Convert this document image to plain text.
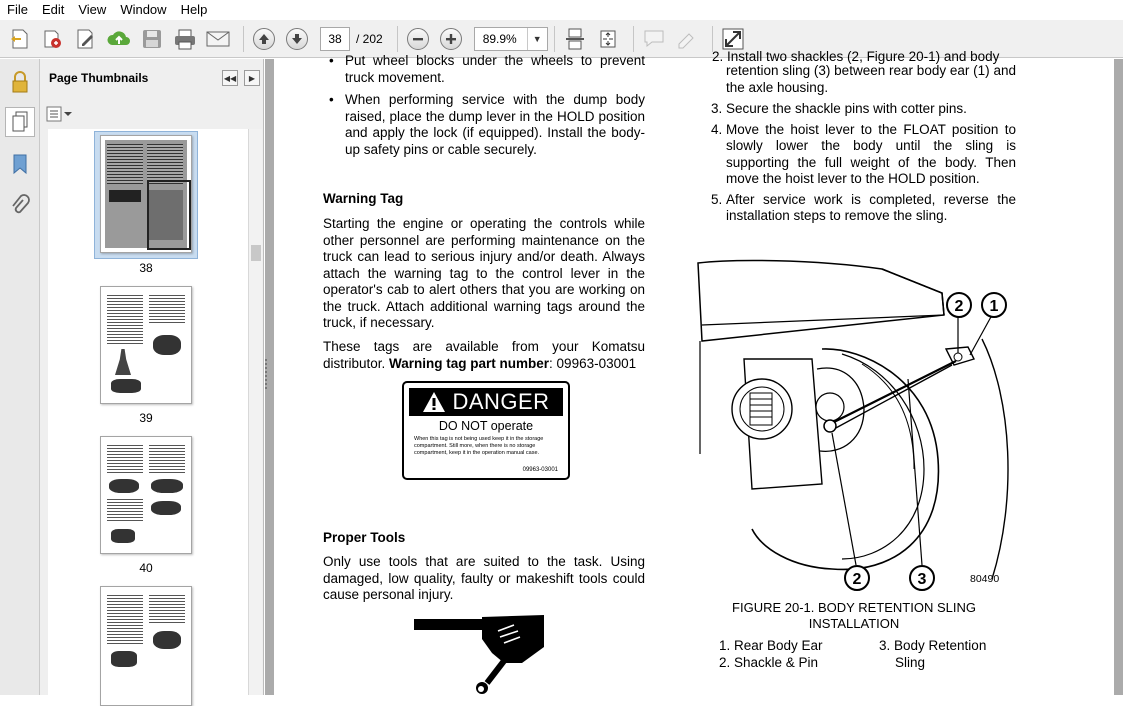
File	Edit	View	Window	Help
38	/ 202	89.9%	▼
Page Thumbnails	◀◀	▶
38
39
40
• Put wheel blocks under the wheels to prevent truck movement.
• When performing service with the dump body raised, place the dump lever in the HOLD position and apply the lock (if equipped). Install the body-up safety pins or cable securely.
Warning Tag
Starting the engine or operating the controls while other personnel are performing maintenance on the truck can lead to serious injury and/or death. Always attach the warning tag to the control lever in the operator's cab to alert others that you are working on the truck. Attach additional warning tags around the truck, if necessary.
These tags are available from your Komatsu distributor. Warning tag part number: 09963-03001
DANGER
DO NOT operate
When this tag is not being used keep it in the storage compartment. Still more, when there is no storage compartment, keep it in the operation manual case.
09963-03001
Proper Tools
Only use tools that are suited to the task. Using damaged, low quality, faulty or makeshift tools could cause personal injury.
2. Install two shackles (2, Figure 20-1) and body
retention sling (3) between rear body ear (1) and the axle housing.
3. Secure the shackle pins with cotter pins.
4. Move the hoist lever to the FLOAT position to slowly lower the body until the sling is supporting the full weight of the body. Then move the hoist lever to the HOLD position.
5. After service work is completed, reverse the installation steps to remove the sling.
2 1
2	3	80490
FIGURE 20-1. BODY RETENTION SLING INSTALLATION
1. Rear Body Ear
2. Shackle & Pin
3. Body Retention
Sling
